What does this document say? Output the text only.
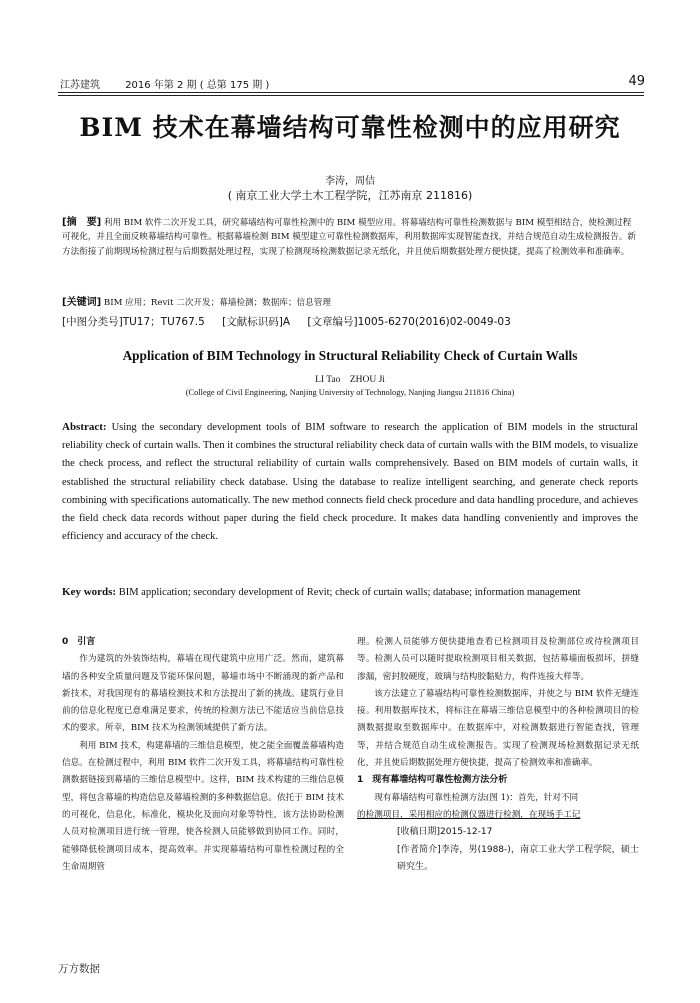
江苏建筑	2016 年第 2 期 ( 总第 175 期 )	49
BIM 技术在幕墙结构可靠性检测中的应用研究
李涛，周佶
( 南京工业大学土木工程学院，江苏南京 211816)
[摘　要] 利用 BIM 软件二次开发工具，研究幕墙结构可靠性检测中的 BIM 模型应用。将幕墙结构可靠性检测数据与 BIM 模型相结合，使检测过程可视化，并且全面反映幕墙结构可靠性。根据幕墙检测 BIM 模型建立可靠性检测数据库，利用数据库实现智能查找，并结合规范自动生成检测报告。新方法衔接了前期现场检测过程与后期数据处理过程，实现了检测现场检测数据记录无纸化，并且使后期数据处理方便快捷，提高了检测效率和准确率。
[关键词] BIM 应用；Revit 二次开发；幕墙检测；数据库；信息管理
[中图分类号]TU17；TU767.5 [文献标识码]A [文章编号]1005-6270(2016)02-0049-03
Application of BIM Technology in Structural Reliability Check of Curtain Walls
LI Tao　ZHOU Ji
(College of Civil Engineering, Nanjing University of Technology, Nanjing Jiangsu 211816 China)
Abstract: Using the secondary development tools of BIM software to research the application of BIM models in the structural reliability check of curtain walls. Then it combines the structural reliability check data of curtain walls with the BIM models, to visualize the check process, and reflect the structural reliability of curtain walls comprehensively. Based on BIM models of curtain walls, it established the structural reliability check database. Using the database to realize intelligent searching, and generate check reports combining with specifications automatically. The new method connects field check procedure and data handling procedure, and achieves the field check data records without paper during the field check procedure. It makes data handling conveniently and improves the efficiency and accuracy of the check.
Key words: BIM application; secondary development of Revit; check of curtain walls; database; information management
0　引言

作为建筑的外装饰结构，幕墙在现代建筑中应用广泛。然而，建筑幕墙的各种安全质量问题及节能环保问题，幕墙市场中不断涌现的新产品和新技术，对我国现有的幕墙检测技术和方法提出了新的挑战。建筑行业目前的信息化程度已意难满足要求，传统的检测方法已不能适应当前信息技术的要求。所幸，BIM 技术为检测领域提供了新方法。

利用 BIM 技术，构建幕墙的三维信息模型，使之能全面覆盖幕墙构造信息。在检测过程中，利用 BIM 软件二次开发工具，将幕墙结构可靠性检测数据链接到幕墙的三维信息模型中。这样，BIM 技术构建的三维信息模型，将包含幕墙的构造信息及幕墙检测的多种数据信息。依托于 BIM 技术的可视化，信息化，标准化，模块化及面向对象等特性，该方法协助检测人员对检测项目进行统一管理，使各检测人员能够做到协同工作。同时，能够降低检测项目成本，提高效率。并实现幕墙结构可靠性检测过程的全生命周期管

理。检测人员能够方便快捷地查看已检测项目及检测部位或待检测项目等。检测人员可以随时提取检测项目相关数据，包括幕墙面板损坏，拼缝渗漏，密封胶硬度，玻璃与结构胶黏贴力，构件连接大样等。

该方法建立了幕墙结构可靠性检测数据库，并使之与 BIM 软件无缝连接。利用数据库技术，将标注在幕墙三维信息模型中的各种检测项目的检测数据提取至数据库中。在数据库中，对检测数据进行智能查找，管理等，并结合规范自动生成检测报告。实现了检测现场检测数据记录无纸化，并且使后期数据处理方便快捷，提高了检测效率和准确率。

1　现有幕墙结构可靠性检测方法分析

现有幕墙结构可靠性检测方法(图 1)：首先，针对不同

的检测项目，采用相应的检测仪器进行检测，在现场手工记

[收稿日期]2015-12-17
[作者简介]李涛，男(1988-)，南京工业大学工程学院，硕士研究生。
万方数据
